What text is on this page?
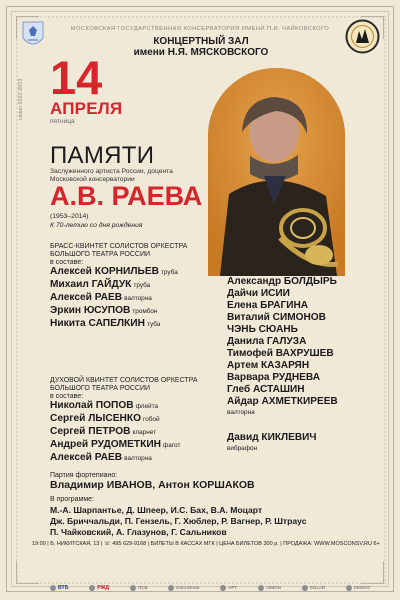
МОСКОВСКАЯ ГОСУДАРСТВЕННАЯ КОНСЕРВАТОРИЯ ИМЕНИ П.И. ЧАЙКОВСКОГО
КОНЦЕРТНЫЙ ЗАЛ
имени Н.Я. МЯСКОВСКОГО
14
АПРЕЛЯ
пятница
сезон 2022-2023
ПАМЯТИ
Заслуженного артиста России, доцента Московской консерватории
А.В. РАЕВА
(1953–2014)
К 70-летию со дня рождения
БРАСС-КВИНТЕТ СОЛИСТОВ ОРКЕСТРА БОЛЬШОГО ТЕАТРА РОССИИ
в составе:
Алексей КОРНИЛЬЕВ труба
Михаил ГАЙДУК труба
Алексей РАЕВ валторна
Эркин ЮСУПОВ тромбон
Никита САПЕЛКИН туба
ДУХОВОЙ КВИНТЕТ СОЛИСТОВ ОРКЕСТРА БОЛЬШОГО ТЕАТРА РОССИИ
в составе:
Николай ПОПОВ флейта
Сергей ЛЫСЕНКО гобой
Сергей ПЕТРОВ кларнет
Андрей РУДОМЕТКИН фагот
Алексей РАЕВ валторна
Александр БОЛДЫРЬ
Дайчи ИСИИ
Елена БРАГИНА
Виталий СИМОНОВ
ЧЭНЬ СЮАНЬ
Данила ГАЛУЗА
Тимофей ВАХРУШЕВ
Артем КАЗАРЯН
Варвара РУДНЕВА
Глеб АСТАШИН
Айдар АХМЕТКИРЕЕВ
валторна
Давид КИКЛЕВИЧ
вибрафон
Партия фортепиано:
Владимир ИВАНОВ, Антон КОРШАКОВ
В программе:
М.-А. Шарпантье, Д. Шпеер, И.С. Бах, В.А. Моцарт
Дж. Бриччальди, П. Гензель, Г. Хюблер, Р. Вагнер, Р. Штраус
П. Чайковский, А. Глазунов, Г. Сальников
19:00 | Б. НИКИТСКАЯ, 13 | ☏ 495 629-9168 | БИЛЕТЫ В КАССАХ МГК | ЦЕНА БИЛЕТОВ 300 р. | ПРОДАЖА: WWW.MOSCONSV.RU 6+
ВТБ	РЖД	ПСБ	Dоm.Movie	АРТ	AIMON	SOLAR	KEEKO
